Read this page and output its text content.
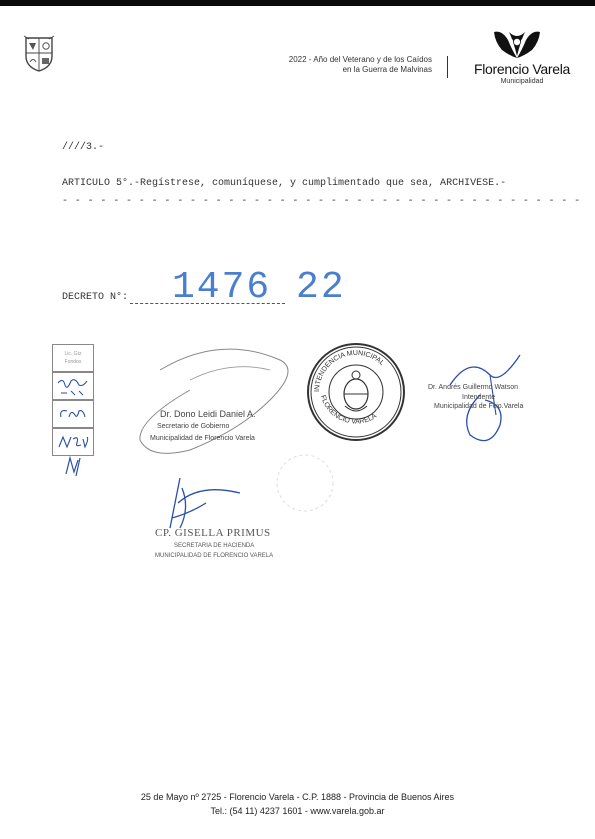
2022 - Año del Veterano y de los Caídos
en la Guerra de Malvinas	Florencio Varela
Municipalidad
////3.-
ARTICULO 5°.-Regístrese, comuníquese, y cumplimentado que sea, ARCHIVESE.-
- - - - - - - - - - - - - - - - - - - - - - - - - - - - - - - - - - - - - - - - -
DECRETO N°: 1476 22
Lic. Gtz
Fondos
Dr. Dono Leidi Daniel A.
Secretario de Gobierno
Municipalidad de Florencio Varela
INTENDENCIA MUNICIPAL
FLORENCIO VARELA
Dr. Andrés Guillermo Watson
Intendente
Municipalidad de Fcio.Varela
CP. GISELLA PRIMUS
SECRETARIA DE HACIENDA
MUNICIPALIDAD DE FLORENCIO VARELA
25 de Mayo nº 2725 - Florencio Varela - C.P. 1888 - Provincia de Buenos Aires
Tel.: (54 11) 4237 1601 - www.varela.gob.ar
